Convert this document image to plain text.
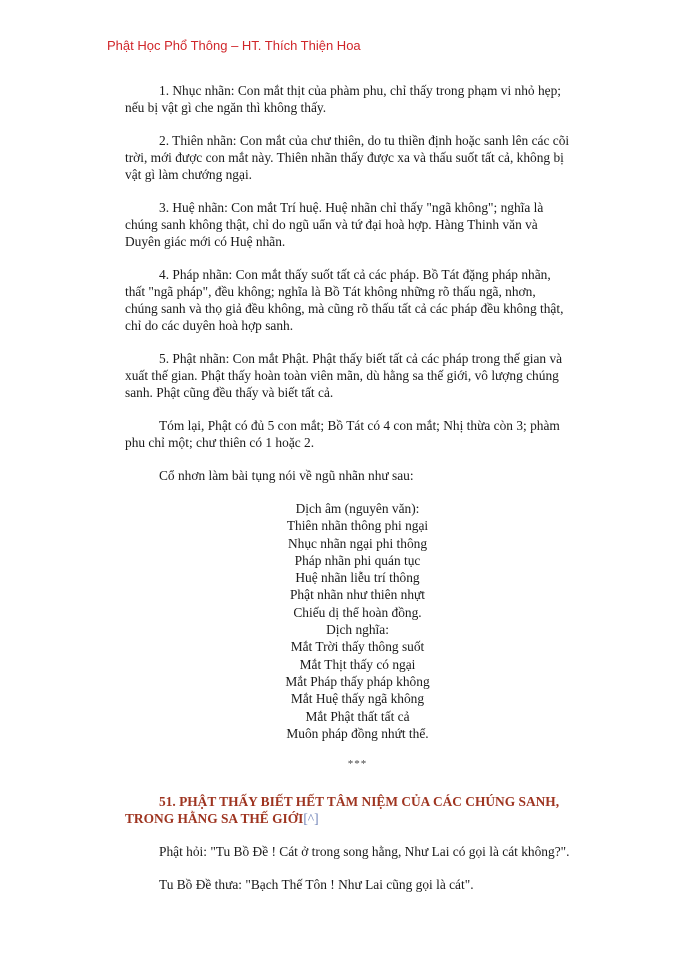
Phật Học Phổ Thông – HT. Thích Thiện Hoa

1. Nhục nhãn: Con mắt thịt của phàm phu, chỉ thấy trong phạm vi nhỏ hẹp; nếu bị vật gì che ngăn thì không thấy.

2. Thiên nhãn: Con mắt của chư thiên, do tu thiền định hoặc sanh lên các cõi trời, mới được con mắt này. Thiên nhãn thấy được xa và thấu suốt tất cả, không bị vật gì làm chướng ngại.

3. Huệ nhãn: Con mắt Trí huệ. Huệ nhãn chỉ thấy "ngã không"; nghĩa là chúng sanh không thật, chỉ do ngũ uẩn và tứ đại hoà hợp. Hàng Thinh văn và Duyên giác mới có Huệ nhãn.

4. Pháp nhãn: Con mắt thấy suốt tất cả các pháp. Bồ Tát đặng pháp nhãn, thất "ngã pháp", đều không; nghĩa là Bồ Tát không những rõ thấu ngã, nhơn, chúng sanh và thọ giả đều không, mà cũng rõ thấu tất cả các pháp đều không thật, chỉ do các duyên hoà hợp sanh.

5. Phật nhãn: Con mắt Phật. Phật thấy biết tất cả các pháp trong thế gian và xuất thế gian. Phật thấy hoàn toàn viên mãn, dù hằng sa thế giới, vô lượng chúng sanh. Phật cũng đều thấy và biết tất cả.

Tóm lại, Phật có đủ 5 con mắt; Bồ Tát có 4 con mắt; Nhị thừa còn 3; phàm phu chỉ một; chư thiên có 1 hoặc 2.

Cổ nhơn làm bài tụng nói về ngũ nhãn như sau:

Dịch âm (nguyên văn):
Thiên nhãn thông phi ngại
Nhục nhãn ngại phi thông
Pháp nhãn phi quán tục
Huệ nhãn liễu trí thông
Phật nhãn như thiên nhựt
Chiếu dị thể hoàn đồng.
Dịch nghĩa:
Mắt Trời thấy thông suốt
Mắt Thịt thấy có ngại
Mắt Pháp thấy pháp không
Mắt Huệ thấy ngã không
Mắt Phật thất tất cả
Muôn pháp đồng nhứt thể.
***

51. PHẬT THẤY BIẾT HẾT TÂM NIỆM CỦA CÁC CHÚNG SANH, TRONG HẰNG SA THẾ GIỚI[^]

Phật hỏi: "Tu Bồ Đề ! Cát ở trong song hằng, Như Lai có gọi là cát không?".

Tu Bồ Đề thưa: "Bạch Thế Tôn ! Như Lai cũng gọi là cát".
